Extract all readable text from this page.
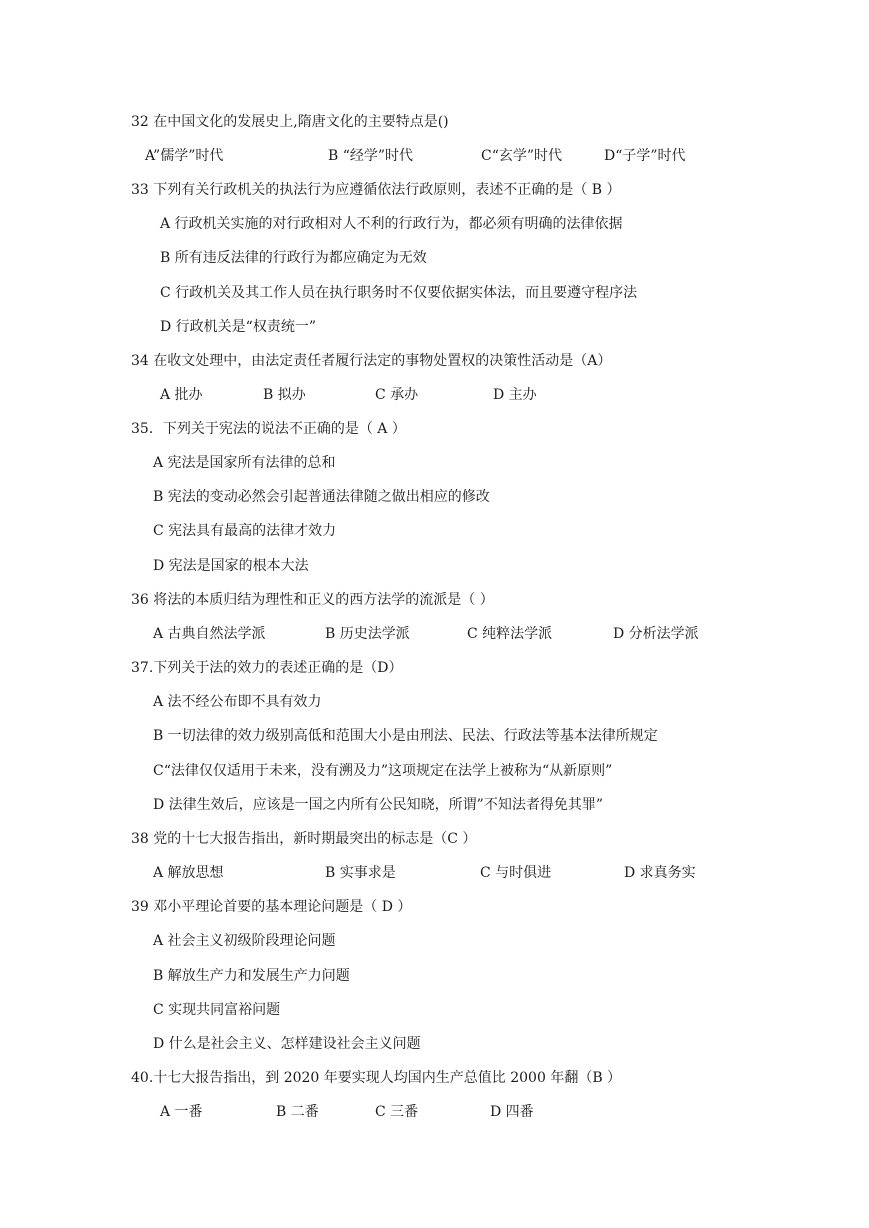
32 在中国文化的发展史上,隋唐文化的主要特点是()
A”儒学”时代	B “经学”时代	C“玄学”时代	D“子学”时代
33 下列有关行政机关的执法行为应遵循依法行政原则，表述不正确的是（ B ）
A 行政机关实施的对行政相对人不利的行政行为，都必须有明确的法律依据
B 所有违反法律的行政行为都应确定为无效
C 行政机关及其工作人员在执行职务时不仅要依据实体法，而且要遵守程序法
D 行政机关是“权责统一”
34 在收文处理中，由法定责任者履行法定的事物处置权的决策性活动是（A）
A 批办	B 拟办	C 承办	D 主办
35．下列关于宪法的说法不正确的是（ A ）
A 宪法是国家所有法律的总和
B 宪法的变动必然会引起普通法律随之做出相应的修改
C 宪法具有最高的法律才效力
D 宪法是国家的根本大法
36 将法的本质归结为理性和正义的西方法学的流派是（ ）
A 古典自然法学派	B 历史法学派	C 纯粹法学派	D 分析法学派
37.下列关于法的效力的表述正确的是（D）
A 法不经公布即不具有效力
B 一切法律的效力级别高低和范围大小是由刑法、民法、行政法等基本法律所规定
C“法律仅仅适用于未来，没有溯及力”这项规定在法学上被称为“从新原则”
D 法律生效后，应该是一国之内所有公民知晓，所谓”不知法者得免其罪”
38 党的十七大报告指出，新时期最突出的标志是（C ）
A 解放思想	B 实事求是	C 与时俱进	D 求真务实
39 邓小平理论首要的基本理论问题是（ D ）
A 社会主义初级阶段理论问题
B 解放生产力和发展生产力问题
C 实现共同富裕问题
D 什么是社会主义、怎样建设社会主义问题
40.十七大报告指出，到 2020 年要实现人均国内生产总值比 2000 年翻（B ）
A 一番	B 二番	C 三番	D 四番
